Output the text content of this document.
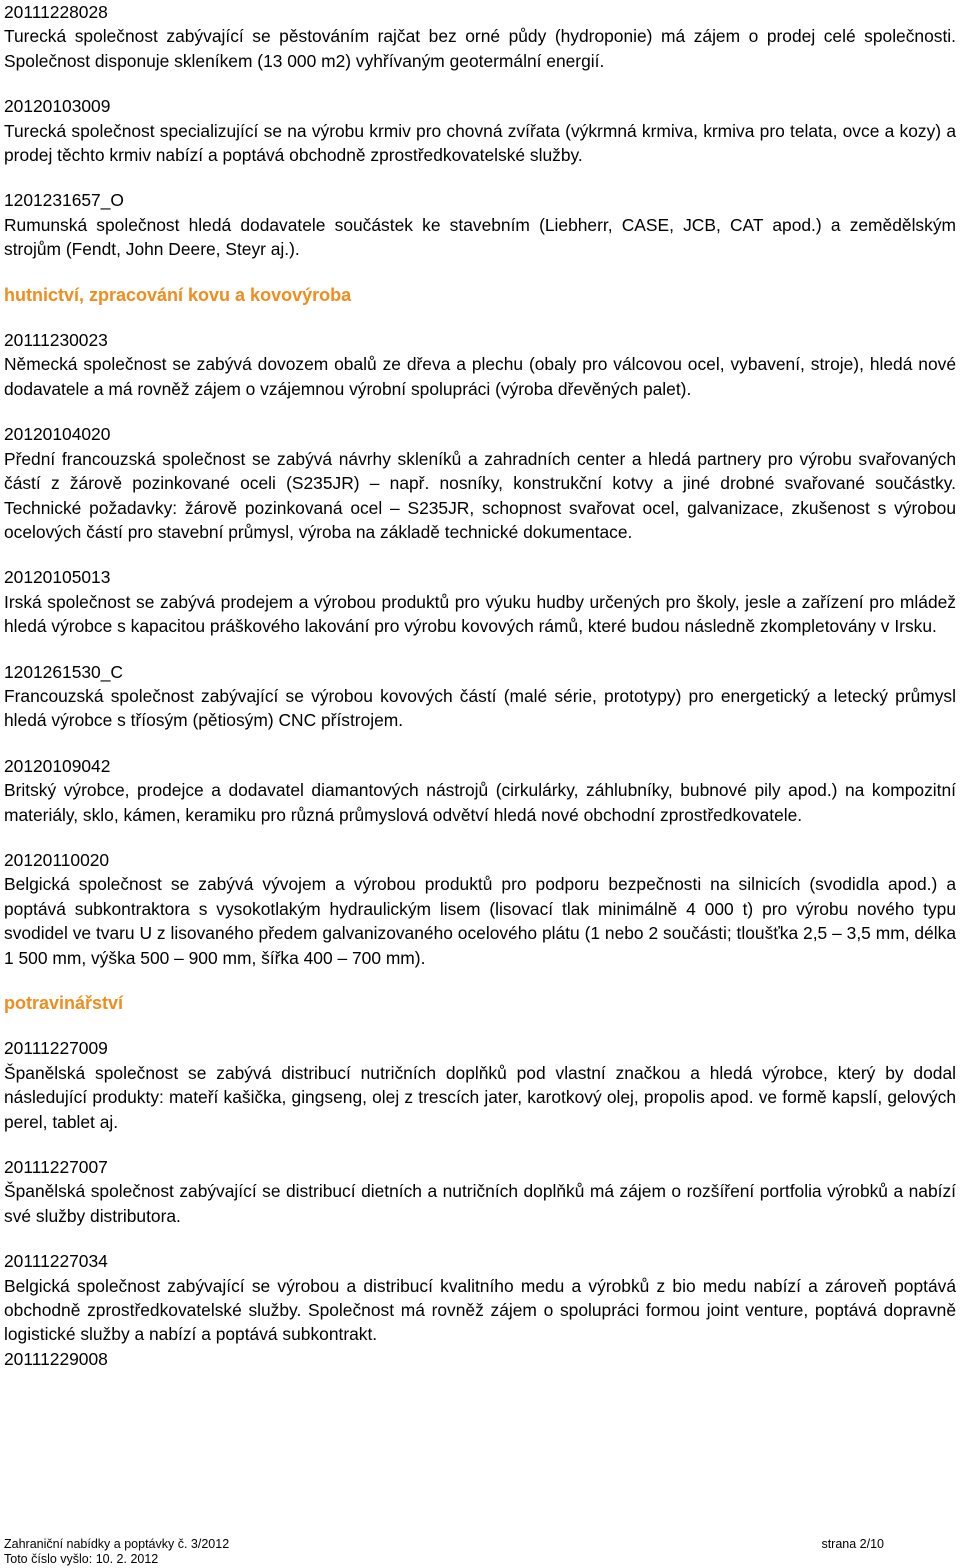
20111228028

Turecká společnost zabývající se pěstováním rajčat bez orné půdy (hydroponie) má zájem o prodej celé společnosti. Společnost disponuje skleníkem (13 000 m2) vyhřívaným geotermální energií.

20120103009

Turecká společnost specializující se na výrobu krmiv pro chovná zvířata (výkrmná krmiva, krmiva pro telata, ovce a kozy) a prodej těchto krmiv nabízí a poptává obchodně zprostředkovatelské služby.

1201231657_O

Rumunská společnost hledá dodavatele součástek ke stavebním (Liebherr, CASE, JCB, CAT apod.) a zemědělským strojům (Fendt, John Deere, Steyr aj.).

hutnictví, zpracování kovu a kovovýroba

20111230023

Německá společnost se zabývá dovozem obalů ze dřeva a plechu (obaly pro válcovou ocel, vybavení, stroje), hledá nové dodavatele a má rovněž zájem o vzájemnou výrobní spolupráci (výroba dřevěných palet).

20120104020

Přední francouzská společnost se zabývá návrhy skleníků a zahradních center a hledá partnery pro výrobu svařovaných částí z žárově pozinkované oceli (S235JR) – např. nosníky, konstrukční kotvy a jiné drobné svařované součástky. Technické požadavky: žárově pozinkovaná ocel – S235JR, schopnost svařovat ocel, galvanizace, zkušenost s výrobou ocelových částí pro stavební průmysl, výroba na základě technické dokumentace.

20120105013

Irská společnost se zabývá prodejem a výrobou produktů pro výuku hudby určených pro školy, jesle a zařízení pro mládež hledá výrobce s kapacitou práškového lakování pro výrobu kovových rámů, které budou následně zkompletovány v Irsku.

1201261530_C

Francouzská společnost zabývající se výrobou kovových částí (malé série, prototypy) pro energetický a letecký průmysl hledá výrobce s tříosým (pětiosým) CNC přístrojem.

20120109042

Britský výrobce, prodejce a dodavatel diamantových nástrojů (cirkulárky, záhlubníky, bubnové pily apod.) na kompozitní materiály, sklo, kámen, keramiku pro různá průmyslová odvětví hledá nové obchodní zprostředkovatele.

20120110020

Belgická společnost se zabývá vývojem a výrobou produktů pro podporu bezpečnosti na silnicích (svodidla apod.) a poptává subkontraktora s vysokotlakým hydraulickým lisem (lisovací tlak minimálně 4 000 t) pro výrobu nového typu svodidel ve tvaru U z lisovaného předem galvanizovaného ocelového plátu (1 nebo 2 součásti; tloušťka 2,5 – 3,5 mm, délka 1 500 mm, výška 500 – 900 mm, šířka 400 – 700 mm).

potravinářství

20111227009

Španělská společnost se zabývá distribucí nutričních doplňků pod vlastní značkou a hledá výrobce, který by dodal následující produkty: mateří kašička, gingseng, olej z trescích jater, karotkový olej, propolis apod. ve formě kapslí, gelových perel, tablet aj.

20111227007

Španělská společnost zabývající se distribucí dietních a nutričních doplňků má zájem o rozšíření portfolia výrobků a nabízí své služby distributora.

20111227034

Belgická společnost zabývající se výrobou a distribucí kvalitního medu a výrobků z bio medu nabízí a zároveň poptává obchodně zprostředkovatelské služby. Společnost má rovněž zájem o spolupráci formou joint venture, poptává dopravně logistické služby a nabízí a poptává subkontrakt.

20111229008

Zahraniční nabídky a poptávky č. 3/2012	strana 2/10
Toto číslo vyšlo: 10. 2. 2012
